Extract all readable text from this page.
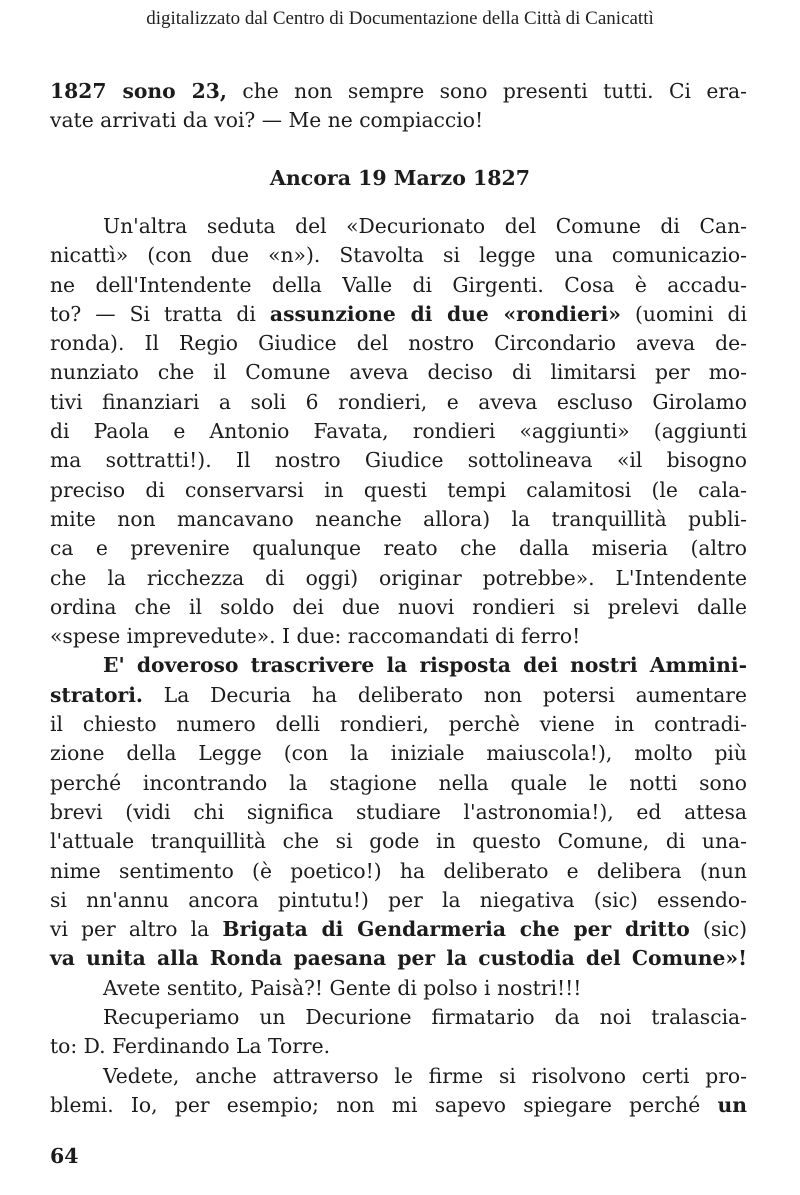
digitalizzato dal Centro di Documentazione della Città di Canicattì
1827 sono 23, che non sempre sono presenti tutti. Ci era-
vate arrivati da voi? — Me ne compiaccio!
Ancora 19 Marzo 1827
Un'altra seduta del «Decurionato del Comune di Can-
nicattì» (con due «n»). Stavolta si legge una comunicazio-
ne dell'Intendente della Valle di Girgenti. Cosa è accadu-
to? — Si tratta di assunzione di due «rondieri» (uomini di
ronda). Il Regio Giudice del nostro Circondario aveva de-
nunziato che il Comune aveva deciso di limitarsi per mo-
tivi finanziari a soli 6 rondieri, e aveva escluso Girolamo
di Paola e Antonio Favata, rondieri «aggiunti» (aggiunti
ma sottratti!). Il nostro Giudice sottolineava «il bisogno
preciso di conservarsi in questi tempi calamitosi (le cala-
mite non mancavano neanche allora) la tranquillità publi-
ca e prevenire qualunque reato che dalla miseria (altro
che la ricchezza di oggi) originar potrebbe». L'Intendente
ordina che il soldo dei due nuovi rondieri si prelevi dalle
«spese imprevedute». I due: raccomandati di ferro!
E' doveroso trascrivere la risposta dei nostri Ammini-
stratori. La Decuria ha deliberato non potersi aumentare
il chiesto numero delli rondieri, perchè viene in contradi-
zione della Legge (con la iniziale maiuscola!), molto più
perché incontrando la stagione nella quale le notti sono
brevi (vidi chi significa studiare l'astronomia!), ed attesa
l'attuale tranquillità che si gode in questo Comune, di una-
nime sentimento (è poetico!) ha deliberato e delibera (nun
si nn'annu ancora pintutu!) per la niegativa (sic) essendo-
vi per altro la Brigata di Gendarmeria che per dritto (sic)
va unita alla Ronda paesana per la custodia del Comune»!
Avete sentito, Paisà?! Gente di polso i nostri!!!
Recuperiamo un Decurione firmatario da noi tralascia-
to: D. Ferdinando La Torre.
Vedete, anche attraverso le firme si risolvono certi pro-
blemi. Io, per esempio; non mi sapevo spiegare perché un
64
